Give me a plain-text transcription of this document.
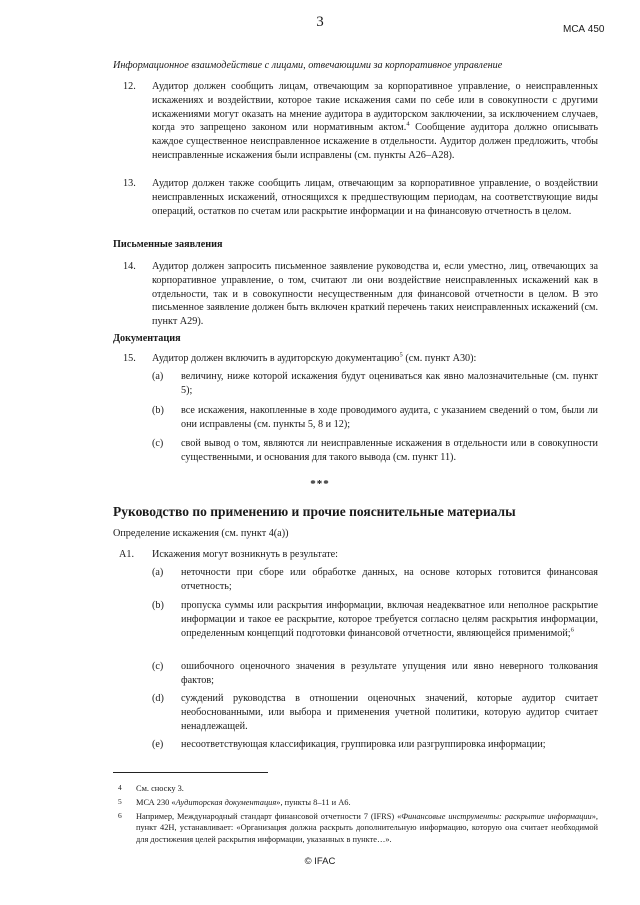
3	МСА 450
Информационное взаимодействие с лицами, отвечающими за корпоративное управление
12. Аудитор должен сообщить лицам, отвечающим за корпоративное управление, о неисправленных искажениях и воздействии, которое такие искажения сами по себе или в совокупности с другими искажениями могут оказать на мнение аудитора в аудиторском заключении, за исключением случаев, когда это запрещено законом или нормативным актом.$^4$ Сообщение аудитора должно описывать каждое существенное неисправленное искажение в отдельности. Аудитор должен предложить, чтобы неисправленные искажения были исправлены (см. пункты A26–A28).
13. Аудитор должен также сообщить лицам, отвечающим за корпоративное управление, о воздействии неисправленных искажений, относящихся к предшествующим периодам, на соответствующие виды операций, остатков по счетам или раскрытие информации и на финансовую отчетность в целом.
Письменные заявления
14. Аудитор должен запросить письменное заявление руководства и, если уместно, лиц, отвечающих за корпоративное управление, о том, считают ли они воздействие неисправленных искажений как в отдельности, так и в совокупности несущественным для финансовой отчетности в целом. В это письменное заявление должен быть включен краткий перечень таких неисправленных искажений (см. пункт A29).
Документация
15. Аудитор должен включить в аудиторскую документацию$^5$ (см. пункт A30):
(a) величину, ниже которой искажения будут оцениваться как явно малозначительные (см. пункт 5);
(b) все искажения, накопленные в ходе проводимого аудита, с указанием сведений о том, были ли они исправлены (см. пункты 5, 8 и 12);
(c) свой вывод о том, являются ли неисправленные искажения в отдельности или в совокупности существенными, и основания для такого вывода (см. пункт 11).
***
Руководство по применению и прочие пояснительные материалы
Определение искажения (см. пункт 4(a))
A1. Искажения могут возникнуть в результате:
(a) неточности при сборе или обработке данных, на основе которых готовится финансовая отчетность;
(b) пропуска суммы или раскрытия информации, включая неадекватное или неполное раскрытие информации и такое ее раскрытие, которое требуется согласно целям раскрытия информации, определенным концепций подготовки финансовой отчетности, являющейся применимой;$^6$
(c) ошибочного оценочного значения в результате упущения или явно неверного толкования фактов;
(d) суждений руководства в отношении оценочных значений, которые аудитор считает необоснованными, или выбора и применения учетной политики, которую аудитор считает ненадлежащей.
(e) несоответствующая классификация, группировка или разгруппировка информации;
4 См. сноску 3.
5 МСА 230 «Аудиторская документация», пункты 8–11 и A6.
6 Например, Международный стандарт финансовой отчетности 7 (IFRS) «Финансовые инструменты: раскрытие информации», пункт 42H, устанавливает: «Организация должна раскрыть дополнительную информацию, которую она считает необходимой для достижения целей раскрытия информации, указанных в пункте…».
© IFAC
